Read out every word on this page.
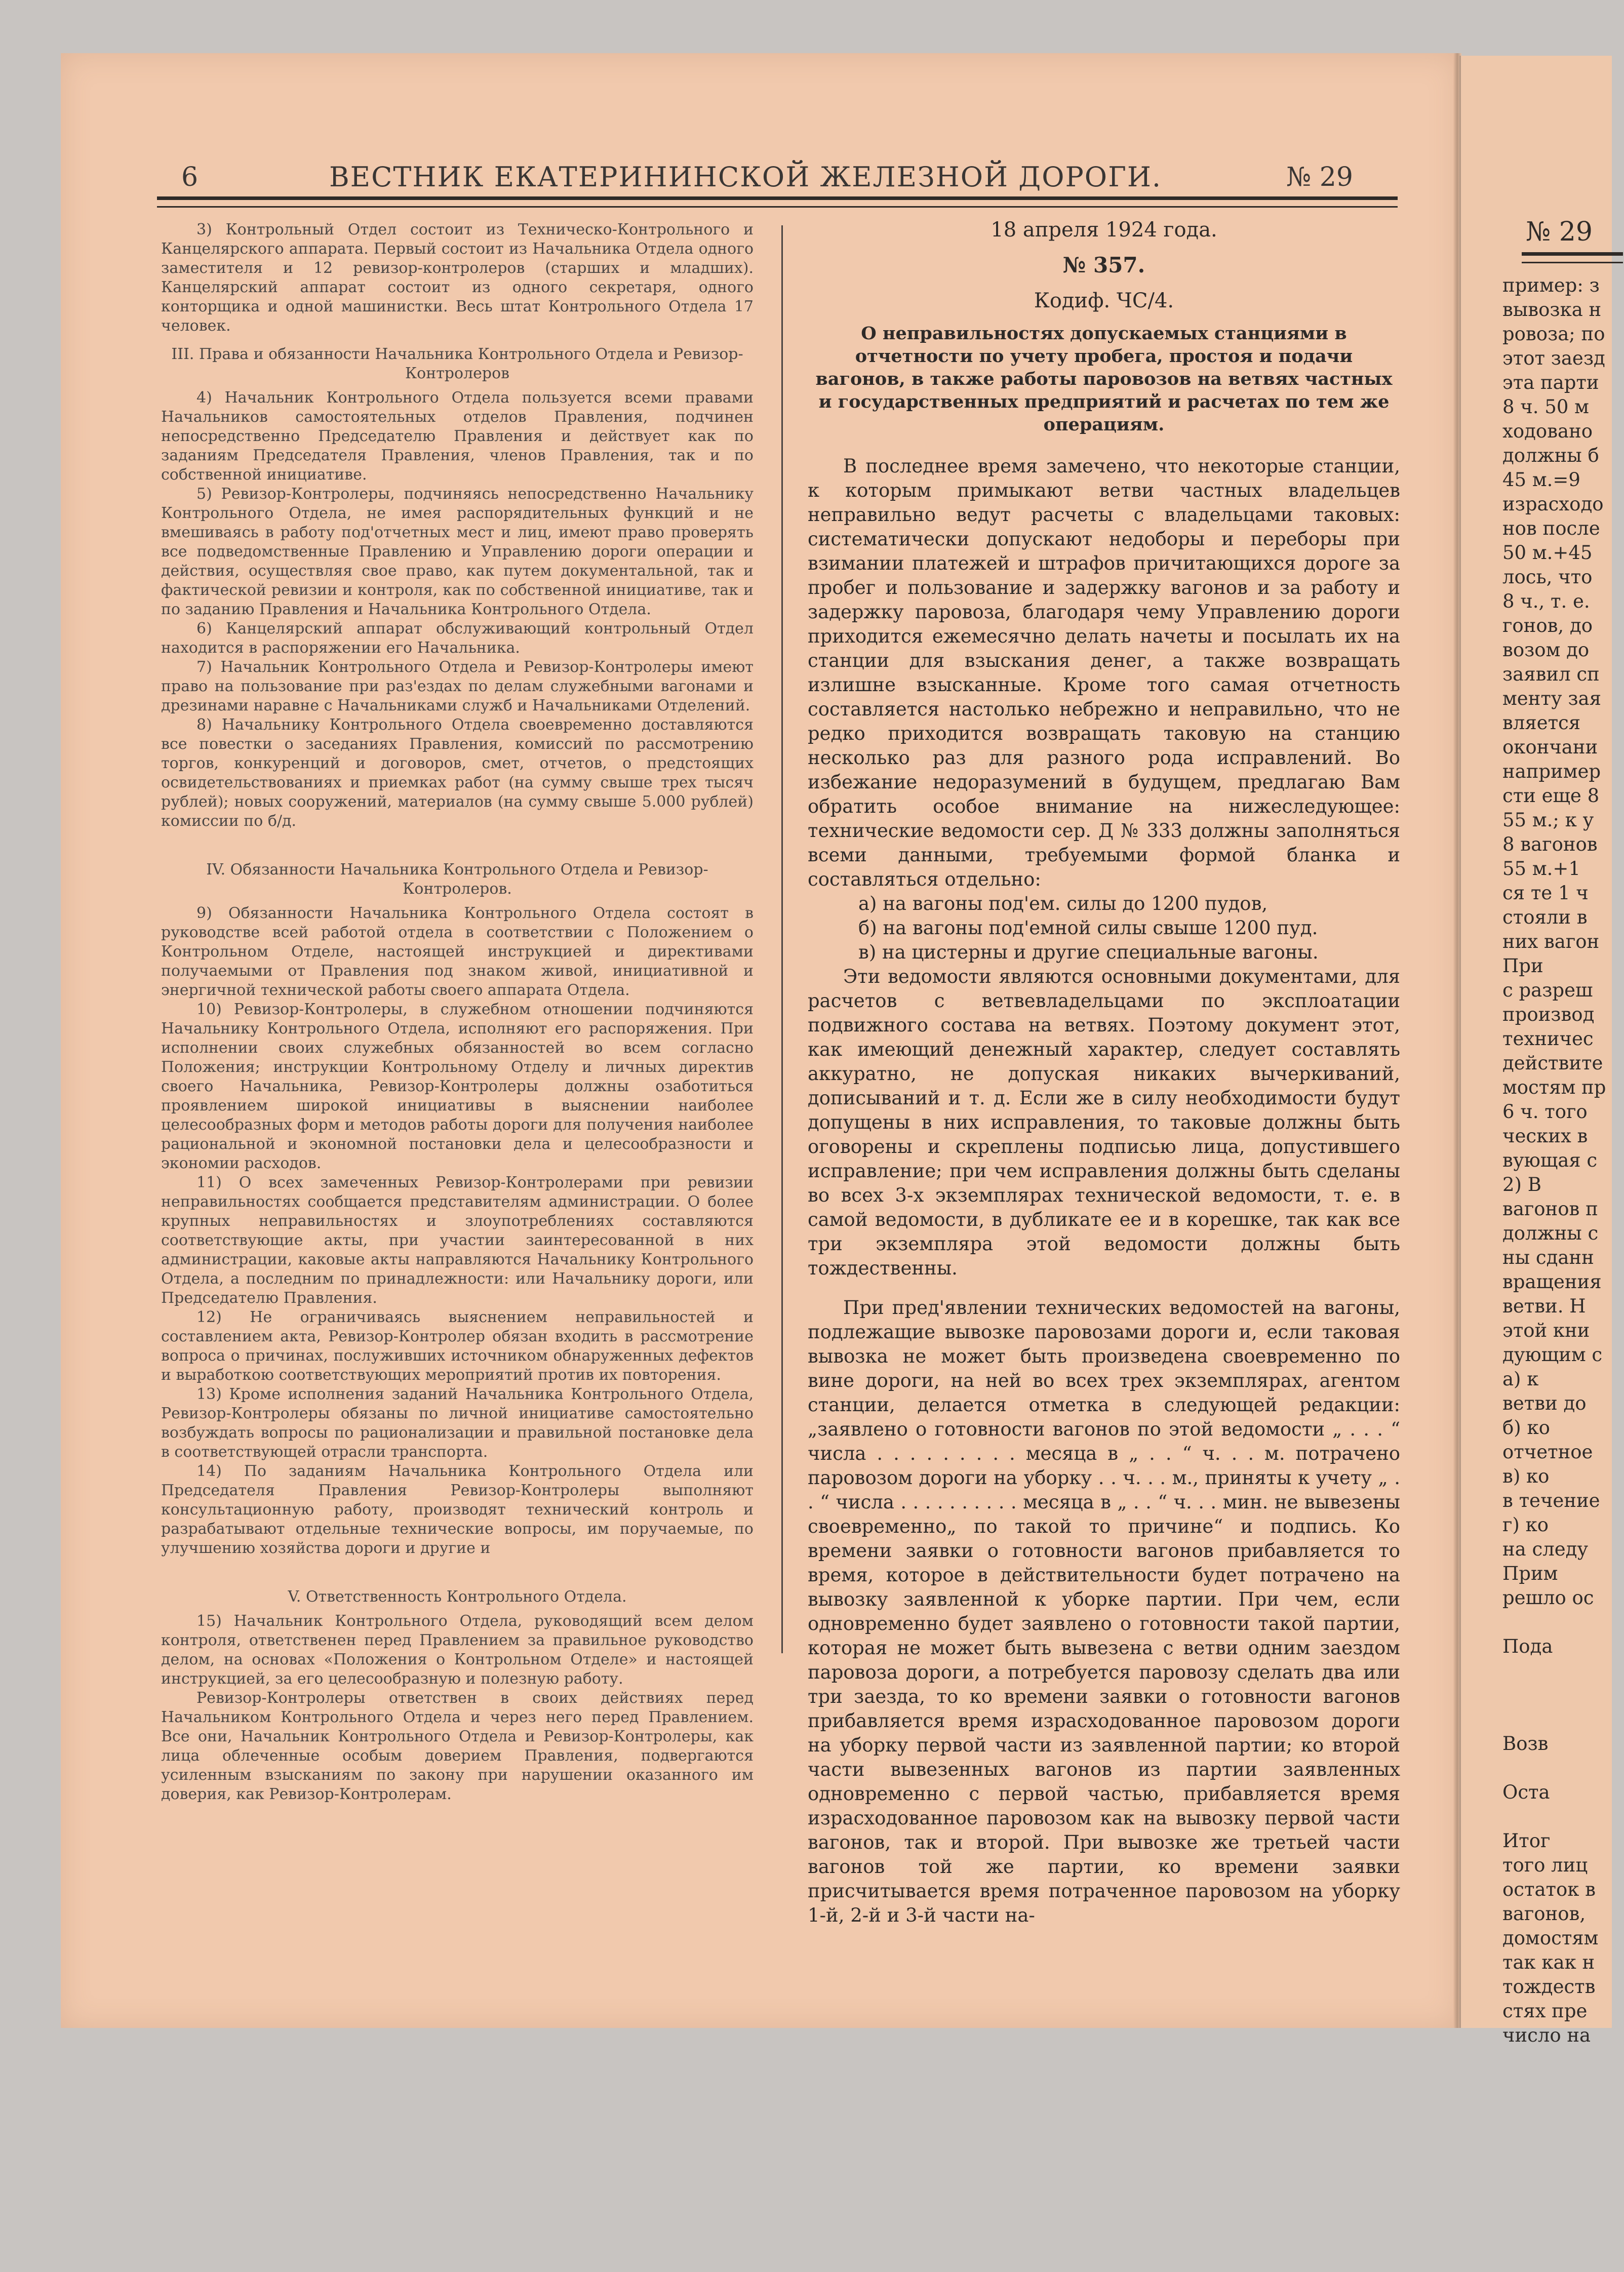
№ 29
пример: з
вывозка н
ровоза; по
этот заезд
эта парти
8 ч. 50 м
ходовано
должны б
45 м.=9
израсходо
нов после
50 м.+45
лось, что
8 ч., т. е.
гонов, до
возом до
заявил сп
менту зая
вляется
окончани
например
сти еще 8
55 м.; к у
8 вагонов
55 м.+1
ся те 1 ч
стояли в
них вагон
При
с разреш
производ
техничес
действите
мостям пр
6 ч. того
ческих в
вующая с
2) В
вагонов п
должны с
ны сданн
вращения
ветви. Н
этой кни
дующим с
а) к
ветви до
б) ко
отчетное
в) ко
в течение
г) ко
на следу
Прим
решло ос

Пода

Возв

Оста

Итог
того лиц
остаток в
вагонов,
домостям
так как н
тождеств
стях пре
число на
6	ВЕСТНИК ЕКАТЕРИНИНСКОЙ ЖЕЛЕЗНОЙ ДОРОГИ.	№ 29

3) Контрольный Отдел состоит из Техническо-Контрольного и Канцелярского аппарата. Первый состоит из Начальника Отдела одного заместителя и 12 ревизор-контролеров (старших и младших). Канцелярский аппарат состоит из одного секретаря, одного конторщика и одной машинистки. Весь штат Контрольного Отдела 17 человек.

III. Права и обязанности Начальника Контрольного Отдела и Ревизор-Контролеров

4) Начальник Контрольного Отдела пользуется всеми правами Начальников самостоятельных отделов Правления, подчинен непосредственно Председателю Правления и действует как по заданиям Председателя Правления, членов Правления, так и по собственной инициативе.

5) Ревизор-Контролеры, подчиняясь непосредственно Начальнику Контрольного Отдела, не имея распорядительных функций и не вмешиваясь в работу под'отчетных мест и лиц, имеют право проверять все подведомственные Правлению и Управлению дороги операции и действия, осуществляя свое право, как путем документальной, так и фактической ревизии и контроля, как по собственной инициативе, так и по заданию Правления и Начальника Контрольного Отдела.

6) Канцелярский аппарат обслуживающий контрольный Отдел находится в распоряжении его Начальника.

7) Начальник Контрольного Отдела и Ревизор-Контролеры имеют право на пользование при раз'ездах по делам служебными вагонами и дрезинами наравне с Начальниками служб и Начальниками Отделений.

8) Начальнику Контрольного Отдела своевременно доставляются все повестки о заседаниях Правления, комиссий по рассмотрению торгов, конкуренций и договоров, смет, отчетов, о предстоящих освидетельствованиях и приемках работ (на сумму свыше трех тысяч рублей); новых сооружений, материалов (на сумму свыше 5.000 рублей) комиссии по б/д.

IV. Обязанности Начальника Контрольного Отдела и Ревизор-Контролеров.

9) Обязанности Начальника Контрольного Отдела состоят в руководстве всей работой отдела в соответствии с Положением о Контрольном Отделе, настоящей инструкцией и директивами получаемыми от Правления под знаком живой, инициативной и энергичной технической работы своего аппарата Отдела.

10) Ревизор-Контролеры, в служебном отношении подчиняются Начальнику Контрольного Отдела, исполняют его распоряжения. При исполнении своих служебных обязанностей во всем согласно Положения; инструкции Контрольному Отделу и личных директив своего Начальника, Ревизор-Контролеры должны озаботиться проявлением широкой инициативы в выяснении наиболее целесообразных форм и методов работы дороги для получения наиболее рациональной и экономной постановки дела и целесообразности и экономии расходов.

11) О всех замеченных Ревизор-Контролерами при ревизии неправильностях сообщается представителям администрации. О более крупных неправильностях и злоупотреблениях составляются соответствующие акты, при участии заинтересованной в них администрации, каковые акты направляются Начальнику Контрольного Отдела, а последним по принадлежности: или Начальнику дороги, или Председателю Правления.

12) Не ограничиваясь выяснением неправильностей и составлением акта, Ревизор-Контролер обязан входить в рассмотрение вопроса о причинах, послуживших источником обнаруженных дефектов и выработкою соответствующих мероприятий против их повторения.

13) Кроме исполнения заданий Начальника Контрольного Отдела, Ревизор-Контролеры обязаны по личной инициативе самостоятельно возбуждать вопросы по рационализации и правильной постановке дела в соответствующей отрасли транспорта.

14) По заданиям Начальника Контрольного Отдела или Председателя Правления Ревизор-Контролеры выполняют консультационную работу, производят технический контроль и разрабатывают отдельные технические вопросы, им поручаемые, по улучшению хозяйства дороги и другие и

V. Ответственность Контрольного Отдела.

15) Начальник Контрольного Отдела, руководящий всем делом контроля, ответственен перед Правлением за правильное руководство делом, на основах «Положения о Контрольном Отделе» и настоящей инструкцией, за его целесообразную и полезную работу.

Ревизор-Контролеры ответствен в своих действиях перед Начальником Контрольного Отдела и через него перед Правлением. Все они, Начальник Контрольного Отдела и Ревизор-Контролеры, как лица облеченные особым доверием Правления, подвергаются усиленным взысканиям по закону при нарушении оказанного им доверия, как Ревизор-Контролерам.

18 апреля 1924 года.

№ 357.

Кодиф. ЧС/4.

О неправильностях допускаемых станциями в отчетности по учету пробега, простоя и подачи вагонов, в также работы паровозов на ветвях частных и государственных предприятий и расчетах по тем же операциям.

В последнее время замечено, что некоторые станции, к которым примыкают ветви частных владельцев неправильно ведут расчеты с владельцами таковых: систематически допускают недоборы и переборы при взимании платежей и штрафов причитающихся дороге за пробег и пользование и задержку вагонов и за работу и задержку паровоза, благодаря чему Управлению дороги приходится ежемесячно делать начеты и посылать их на станции для взыскания денег, а также возвращать излишне взысканные. Кроме того самая отчетность составляется настолько небрежно и неправильно, что не редко приходится возвращать таковую на станцию несколько раз для разного рода исправлений. Во избежание недоразумений в будущем, предлагаю Вам обратить особое внимание на нижеследующее: технические ведомости сер. Д № 333 должны заполняться всеми данными, требуемыми формой бланка и составляться отдельно:

а) на вагоны под'ем. силы до 1200 пудов,

б) на вагоны под'емной силы свыше 1200 пуд.

в) на цистерны и другие специальные вагоны.

Эти ведомости являются основными документами, для расчетов с ветвевладельцами по эксплоатации подвижного состава на ветвях. Поэтому документ этот, как имеющий денежный характер, следует составлять аккуратно, не допуская никаких вычеркиваний, дописываний и т. д. Если же в силу необходимости будут допущены в них исправления, то таковые должны быть оговорены и скреплены подписью лица, допустившего исправление; при чем исправления должны быть сделаны во всех 3-х экземплярах технической ведомости, т. е. в самой ведомости, в дубликате ее и в корешке, так как все три экземпляра этой ведомости должны быть тождественны.

При пред'явлении технических ведомостей на вагоны, подлежащие вывозке паровозами дороги и, если таковая вывозка не может быть произведена своевременно по вине дороги, на ней во всех трех экземплярах, агентом станции, делается отметка в следующей редакции: „заявлено о готовности вагонов по этой ведомости „ . . . “ числа . . . . . . . . . месяца в „ . . “ ч. . . м. потрачено паровозом дороги на уборку . . ч. . . м., приняты к учету „ . . “ числа . . . . . . . . . . месяца в „ . . “ ч. . . мин. не вывезены своевременно„ по такой то причине“ и подпись. Ко времени заявки о готовности вагонов прибавляется то время, которое в действительности будет потрачено на вывозку заявленной к уборке партии. При чем, если одновременно будет заявлено о готовности такой партии, которая не может быть вывезена с ветви одним заездом паровоза дороги, а потребуется паровозу сделать два или три заезда, то ко времени заявки о готовности вагонов прибавляется время израсходованное паровозом дороги на уборку первой части из заявленной партии; ко второй части вывезенных вагонов из партии заявленных одновременно с первой частью, прибавляется время израсходованное паровозом как на вывозку первой части вагонов, так и второй. При вывозке же третьей части вагонов той же партии, ко времени заявки присчитывается время потраченное паровозом на уборку 1-й, 2-й и 3-й части на-
